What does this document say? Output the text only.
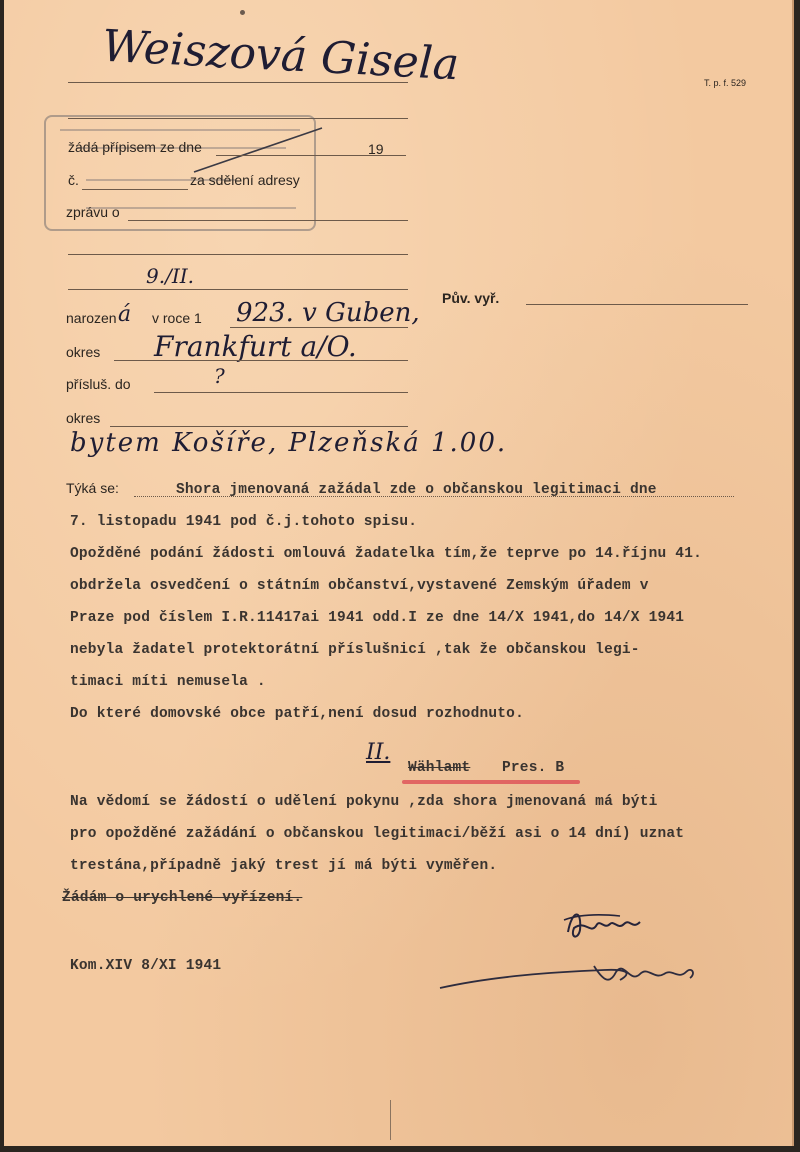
Weiszová Gisela	T. p. f. 529
žádá přípisem ze dne	19
č.	za sdělení adresy
zprávu o
9./II.
narozen á v roce 1 923. v Guben, Pův. vyř.
okres Frankfurt a/O.
přísluš. do	?
okres
bytem Košíře, Plzeňská 1.00.
Týká se:	Shora jmenovaná zažádal zde o občanskou legitimaci dne
7. listopadu 1941 pod č.j.tohoto spisu.
Opožděné podání žádosti omlouvá žadatelka tím,že teprve po 14.říjnu 41.
obdržela osvedčení o státním občanství,vystavené Zemským úřadem v
Praze pod číslem I.R.11417ai 1941 odd.I ze dne 14/X 1941,do 14/X 1941
nebyla žadatel protektorátní příslušnicí ,tak že občanskou legi-
timaci míti nemusela .
Do které domovské obce patří,není dosud rozhodnuto.
II.
Wählamt Pres. B
Na vědomí se žádostí o udělení pokynu ,zda shora jmenovaná má býti
pro opožděné zažádání o občanskou legitimaci/běží asi o 14 dní) uznat
trestána,případně jaký trest jí má býti vyměřen.
Žádám o urychlené vyřízení.
Kom.XIV 8/XI 1941
